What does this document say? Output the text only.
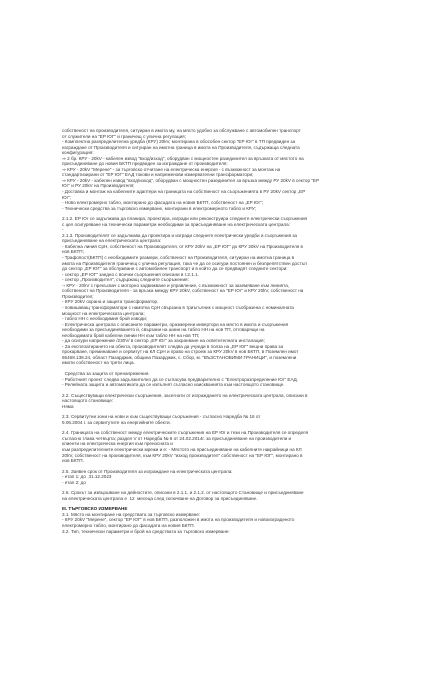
собственост на производителя, ситуиран в имота му, на място удобно за обслужване с автомобилен транспорт
от служители на "ЕР ЮГ" и граничещ с улична регулация;
- Комплектна разпределителна уредба (КРУ) 20kV, монтирана в обособен сектор "ЕР Юг" в ТП предвиден за
изграждане от Производителя и ситуиран на имотна граница в имота на Производителя, съдържаща следната
конфигурация:
⇒ 2 бр. КРУ - 20kV - кабелен извод "вход/изход", оборудван с мощностен разединител за връзката от мястото на
присъединяване до новия БКТП предвиден за изграждане от производителя;
⇒ КРУ - 20kV "Мерене" - за търговско отчитане на електрическа енергия - с възможност за монтаж на
стандартизирани от "ЕР ЮГ" ЕАД токови и напреженови измервателни трансформатори;
⇒ КРУ - 20kV - кабелен извод "вход/изход", оборудван с мощностен разединител за връзка между РУ 20kV в сектор "ЕР
Юг" и РУ 20kV на Производителя;
- Доставка и монтаж на кабелните адаптери на границата на собственост на съоръженията в РУ 20kV сектор „ЕР
Юг";
- Ново електромерно табло, монтирано до фасадата на новия БКТП, собственост на „ЕР Юг";
- Технически средства за търговско измерване, монтирани в електромерното табло и КРУ;
2.1.2. ЕР Юг се задължава да планира, проектира, изгради или реконструира следните електрически съоръжения
с цел осигуряване на технически параметри необходими за присъединяване на електрическата централа:
-
2.1.3. Производителят се задължава да проектира и изгради следните електрически уредби и съоръжения за
присъединяване на електрическата централа:
- Кабелна линия СрН, собственост на Производителя, от КРУ 20kV на „ЕР ЮГ" до КРУ 20kV на Производителя в
нов БКТП;
- Трафопост(БКТП) с необходимите размери, собственост на Производителя, ситуиран на имотна граница в
имота на Производителя граничещ с улична регулация, така че да се осигури постоянен и безпрепятствен достъп
до сектор „ЕР ЮГ" за обслужване с автомобилен транспорт и в който да се предвидят следните сектори:
- сектор „ЕР ЮГ" заедно с всички съоръжения описани в т.2.1.1.
- сектор „Производител", съдържащ следните съоръжения:
-› КРУ - 20kV с прекъсвач с моторно задвижване и управление, с възможност за заземяване към линията,
собственост на Производителя - за връзка между КРУ 20kV, собственост на "ЕР Юг" и КРУ 20kV, собственост на
Производител;
- КРУ 20kV охрана и защита трансформатор.
- повишаващ трансформатори с намотка СрН свързана в триъгълник с мощност съобразена с номиналната
мощност на електрическата централа;
- табло НН с необходимия брой изводи;
- Електрическа централа с описаните параметри, оразмерени инвертори на място в имота и съоръжения
необходими за присъединяването ѝ, свързани на шини на табло НН на нов ТП, отговарящи на
необходимата брой кабелни линии НН към табло НН на нов ТП;
- да осигури напрежение /230V/ в сектор „ЕР Юг" за захранване на осветителната инсталация;
- За експлоатирането на обекта, производителят следва да учреди в полза на „ЕР ЮГ" вещни права за
прокарване, преминаване и сервитут на КЛ СрН и право на строеж за КРУ 20kV в нов БКТП, в Поземлен имот
65468.138.24, област Пазарджик, община Пазарджик, с. Сбор, м. "ВЪЗСТАНОВИМИ ГРАНИЦИ", и поземлени
имоти собственост на трети лица.
Средства за защита от пренапрежения.
- Работният проект следва задължително да се съгласува предварително с "Електроразпределение Юг" ЕАД.
- Релейната защита и автоматиката да се изпълнят съгласно изискванията към настоящото становище.
2.2. Съществуващи електрически съоръжения, засегнати от изграждането на електрическата централа, описани в
настоящото становище:
Няма
2.3. Сервитутни зони на нови и към съществуващи съоръжения - съгласно Наредба № 16 от
9.06.2004 г. за сервитутите на енергийните обекти.
2.4. Границата на собственост между електрическите съоръжения на ЕР Юг и тези на Производителя се определя
съгласно глава четвърта; раздел V от Наредба № 6 от 24.02.2014г. за присъединяване на производители и
клиенти на електрическа енергия към преносната и
към разпределителните електрически мрежи и е: - Мястото на присъединяване на кабелните накрайници на КЛ
20kV, собственост на производителя, към КРУ 20kV "изход производител" собственост на "ЕР ЮГ", монтирано в
нов БКТП.
2.5. Заявен срок от Производителя за изграждане на електрическата централа:
- етап 1: до  31.12.2023
- етап 2: до
2.6. Срокът за извършване на дейностите, описани в 2.1.1. и 2.1.2. от настоящото Становище и присъединяване
на електрическата централа е  12  месеца след сключване на Договор за присъединяване.
III. ТЪРГОВСКО ИЗМЕРВАНЕ
3.1. Място на монтиране на средствата за търговско измерване:
- КРУ 20kV "Мерене", сектор "ЕР ЮГ" в нов БКТП, разположен в имота на производителя и новоизграденото
електромерно табло, монтирано до фасадата на новия БКТП.
3.2. Тип, технически параметри и брой на средствата за търговско измерване:
